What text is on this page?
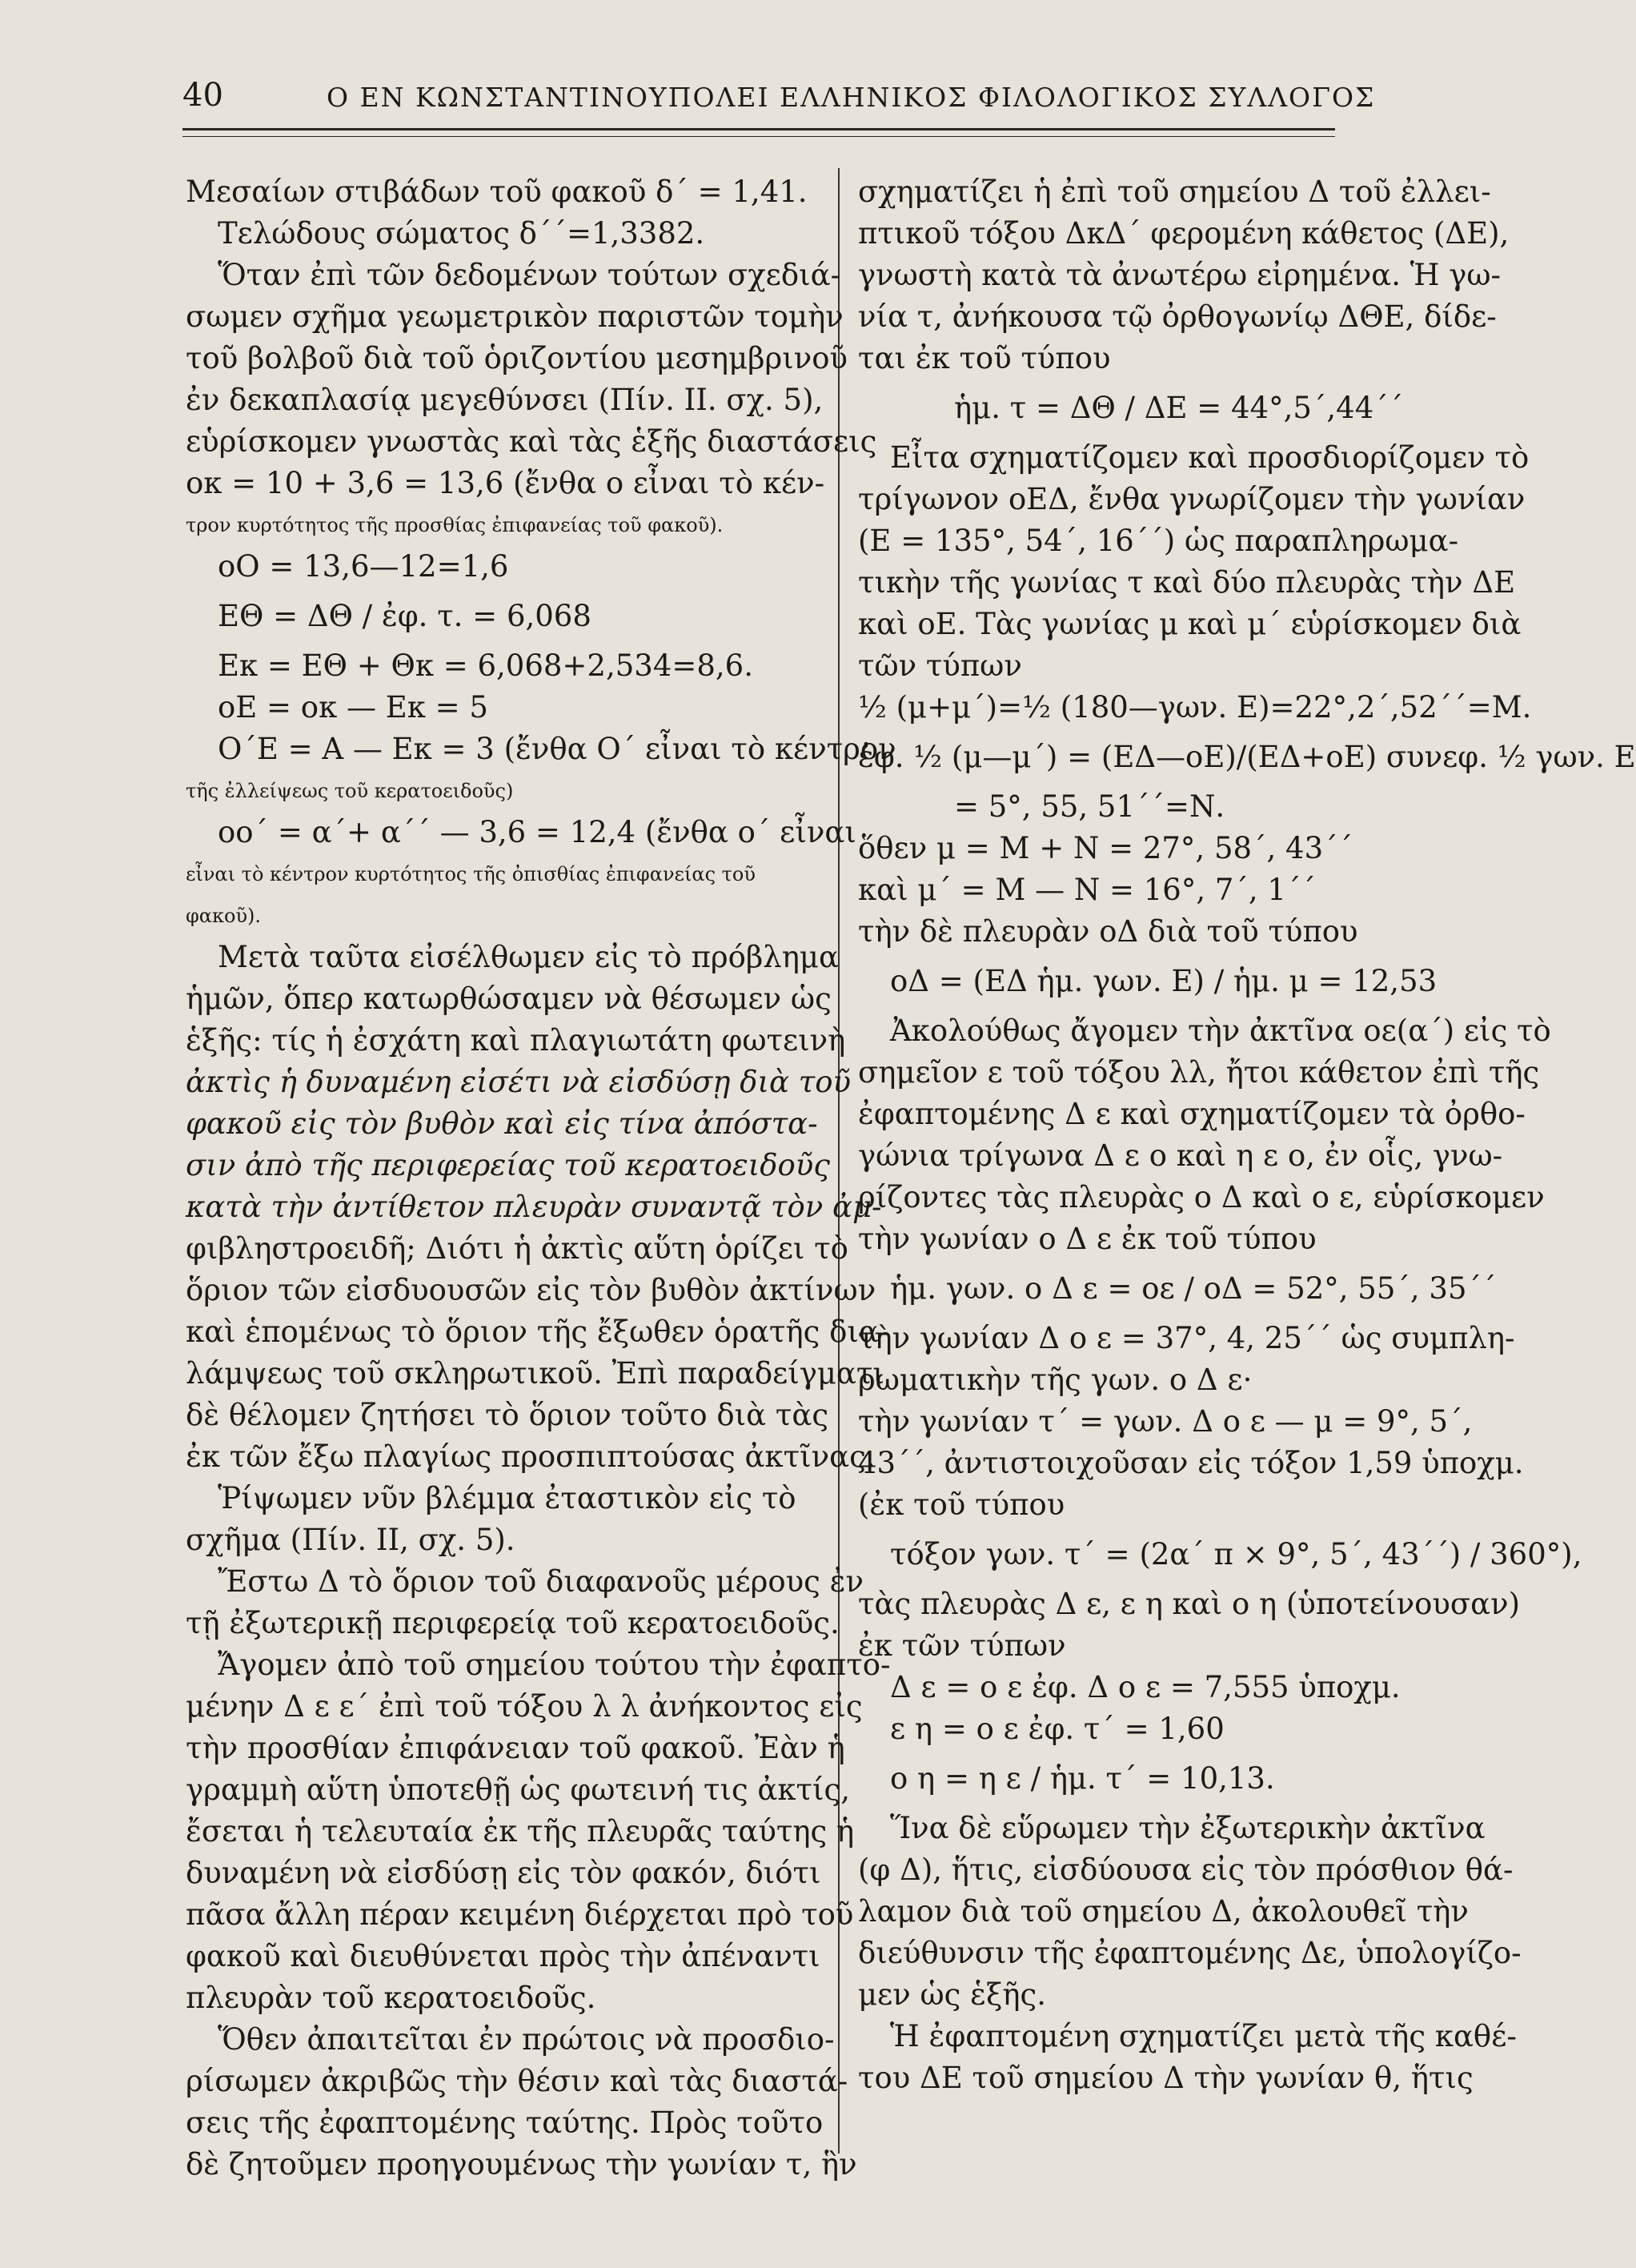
40	Ο ΕΝ ΚΩΝΣΤΑΝΤΙΝΟΥΠΟΛΕΙ ΕΛΛΗΝΙΚΟΣ ΦΙΛΟΛΟΓΙΚΟΣ ΣΥΛΛΟΓΟΣ
Μεσαίων στιβάδων τοῦ φακοῦ δ΄ = 1,41.
Τελώδους σώματος δ΄΄=1,3382.
Ὅταν ἐπὶ τῶν δεδομένων τούτων σχεδιά-
σωμεν σχῆμα γεωμετρικὸν παριστῶν τομὴν
τοῦ βολβοῦ διὰ τοῦ ὁριζοντίου μεσημβρινοῦ
ἐν δεκαπλασίᾳ μεγεθύνσει (Πίν. ΙΙ. σχ. 5),
εὑρίσκομεν γνωστὰς καὶ τὰς ἑξῆς διαστάσεις
οκ = 10 + 3,6 = 13,6 (ἔνθα ο εἶναι τὸ κέν-
τρον κυρτότητος τῆς προσθίας ἐπιφανείας τοῦ φακοῦ).
οΟ = 13,6—12=1,6
ΕΘ = ΔΘ / ἐφ. τ. = 6,068
Εκ = ΕΘ + Θκ = 6,068+2,534=8,6.
οΕ = οκ — Εκ = 5
Ο΄Ε = Α — Εκ = 3 (ἔνθα Ο΄ εἶναι τὸ κέντρον
τῆς ἐλλείψεως τοῦ κερατοειδοῦς)
οο΄ = α΄+ α΄΄ — 3,6 = 12,4 (ἔνθα ο΄ εἶναι
εἶναι τὸ κέντρον κυρτότητος τῆς ὀπισθίας ἐπιφανείας τοῦ
φακοῦ).
Μετὰ ταῦτα εἰσέλθωμεν εἰς τὸ πρόβλημα
ἡμῶν, ὅπερ κατωρθώσαμεν νὰ θέσωμεν ὡς
ἑξῆς: τίς ἡ ἐσχάτη καὶ πλαγιωτάτη φωτεινὴ
ἀκτὶς ἡ δυναμένη εἰσέτι νὰ εἰσδύσῃ διὰ τοῦ
φακοῦ εἰς τὸν βυθὸν καὶ εἰς τίνα ἀπόστα-
σιν ἀπὸ τῆς περιφερείας τοῦ κερατοειδοῦς
κατὰ τὴν ἀντίθετον πλευρὰν συναντᾷ τὸν ἀμ-
φιβληστροειδῆ; Διότι ἡ ἀκτὶς αὕτη ὁρίζει τὸ
ὅριον τῶν εἰσδυουσῶν εἰς τὸν βυθὸν ἀκτίνων
καὶ ἑπομένως τὸ ὅριον τῆς ἔξωθεν ὁρατῆς δια-
λάμψεως τοῦ σκληρωτικοῦ. Ἐπὶ παραδείγματι
δὲ θέλομεν ζητήσει τὸ ὅριον τοῦτο διὰ τὰς
ἐκ τῶν ἔξω πλαγίως προσπιπτούσας ἀκτῖνας.
Ῥίψωμεν νῦν βλέμμα ἐταστικὸν εἰς τὸ
σχῆμα (Πίν. ΙΙ, σχ. 5).
Ἔστω Δ τὸ ὅριον τοῦ διαφανοῦς μέρους ἐν
τῇ ἐξωτερικῇ περιφερείᾳ τοῦ κερατοειδοῦς.
Ἄγομεν ἀπὸ τοῦ σημείου τούτου τὴν ἐφαπτο-
μένην Δ ε ε΄ ἐπὶ τοῦ τόξου λ λ ἀνήκοντος εἰς
τὴν προσθίαν ἐπιφάνειαν τοῦ φακοῦ. Ἐὰν ἡ
γραμμὴ αὕτη ὑποτεθῇ ὡς φωτεινή τις ἀκτίς,
ἔσεται ἡ τελευταία ἐκ τῆς πλευρᾶς ταύτης ἡ
δυναμένη νὰ εἰσδύσῃ εἰς τὸν φακόν, διότι
πᾶσα ἄλλη πέραν κειμένη διέρχεται πρὸ τοῦ
φακοῦ καὶ διευθύνεται πρὸς τὴν ἀπέναντι
πλευρὰν τοῦ κερατοειδοῦς.
Ὅθεν ἀπαιτεῖται ἐν πρώτοις νὰ προσδιο-
ρίσωμεν ἀκριβῶς τὴν θέσιν καὶ τὰς διαστά-
σεις τῆς ἐφαπτομένης ταύτης. Πρὸς τοῦτο
δὲ ζητοῦμεν προηγουμένως τὴν γωνίαν τ, ἣν
σχηματίζει ἡ ἐπὶ τοῦ σημείου Δ τοῦ ἐλλει-
πτικοῦ τόξου ΔκΔ΄ φερομένη κάθετος (ΔΕ),
γνωστὴ κατὰ τὰ ἀνωτέρω εἰρημένα. Ἡ γω-
νία τ, ἀνήκουσα τῷ ὀρθογωνίῳ ΔΘΕ, δίδε-
ται ἐκ τοῦ τύπου
ἡμ. τ = ΔΘ / ΔΕ = 44°,5΄,44΄΄
Εἶτα σχηματίζομεν καὶ προσδιορίζομεν τὸ
τρίγωνον οΕΔ, ἔνθα γνωρίζομεν τὴν γωνίαν
(Ε = 135°, 54΄, 16΄΄) ὡς παραπληρωμα-
τικὴν τῆς γωνίας τ καὶ δύο πλευρὰς τὴν ΔΕ
καὶ οΕ. Τὰς γωνίας μ καὶ μ΄ εὑρίσκομεν διὰ
τῶν τύπων
½ (μ+μ΄)=½ (180—γων. Ε)=22°,2΄,52΄΄=Μ.
ἐφ. ½ (μ—μ΄) = (ΕΔ—οΕ)/(ΕΔ+οΕ) συνεφ. ½ γων. Ε
= 5°, 55, 51΄΄=Ν.
ὅθεν μ = Μ + Ν = 27°, 58΄, 43΄΄
καὶ μ΄ = Μ — Ν = 16°, 7΄, 1΄΄
τὴν δὲ πλευρὰν οΔ διὰ τοῦ τύπου
οΔ = (ΕΔ ἡμ. γων. Ε) / ἡμ. μ = 12,53
Ἀκολούθως ἄγομεν τὴν ἀκτῖνα οε(α΄) εἰς τὸ
σημεῖον ε τοῦ τόξου λλ, ἤτοι κάθετον ἐπὶ τῆς
ἐφαπτομένης Δ ε καὶ σχηματίζομεν τὰ ὀρθο-
γώνια τρίγωνα Δ ε ο καὶ η ε ο, ἐν οἷς, γνω-
ρίζοντες τὰς πλευρὰς ο Δ καὶ ο ε, εὑρίσκομεν
τὴν γωνίαν ο Δ ε ἐκ τοῦ τύπου
ἡμ. γων. ο Δ ε = οε / οΔ = 52°, 55΄, 35΄΄
τὴν γωνίαν Δ ο ε = 37°, 4, 25΄΄ ὡς συμπλη-
ρωματικὴν τῆς γων. ο Δ ε·
τὴν γωνίαν τ΄ = γων. Δ ο ε — μ = 9°, 5΄,
43΄΄, ἀντιστοιχοῦσαν εἰς τόξον 1,59 ὑποχμ.
(ἐκ τοῦ τύπου
τόξον γων. τ΄ = (2α΄ π × 9°, 5΄, 43΄΄) / 360°),
τὰς πλευρὰς Δ ε, ε η καὶ ο η (ὑποτείνουσαν)
ἐκ τῶν τύπων
Δ ε = ο ε ἐφ. Δ ο ε = 7,555 ὑποχμ.
ε η = ο ε ἐφ. τ΄ = 1,60
ο η = η ε / ἡμ. τ΄ = 10,13.
Ἵνα δὲ εὕρωμεν τὴν ἐξωτερικὴν ἀκτῖνα
(φ Δ), ἥτις, εἰσδύουσα εἰς τὸν πρόσθιον θά-
λαμον διὰ τοῦ σημείου Δ, ἀκολουθεῖ τὴν
διεύθυνσιν τῆς ἐφαπτομένης Δε, ὑπολογίζο-
μεν ὡς ἑξῆς.
Ἡ ἐφαπτομένη σχηματίζει μετὰ τῆς καθέ-
του ΔΕ τοῦ σημείου Δ τὴν γωνίαν θ, ἥτις
